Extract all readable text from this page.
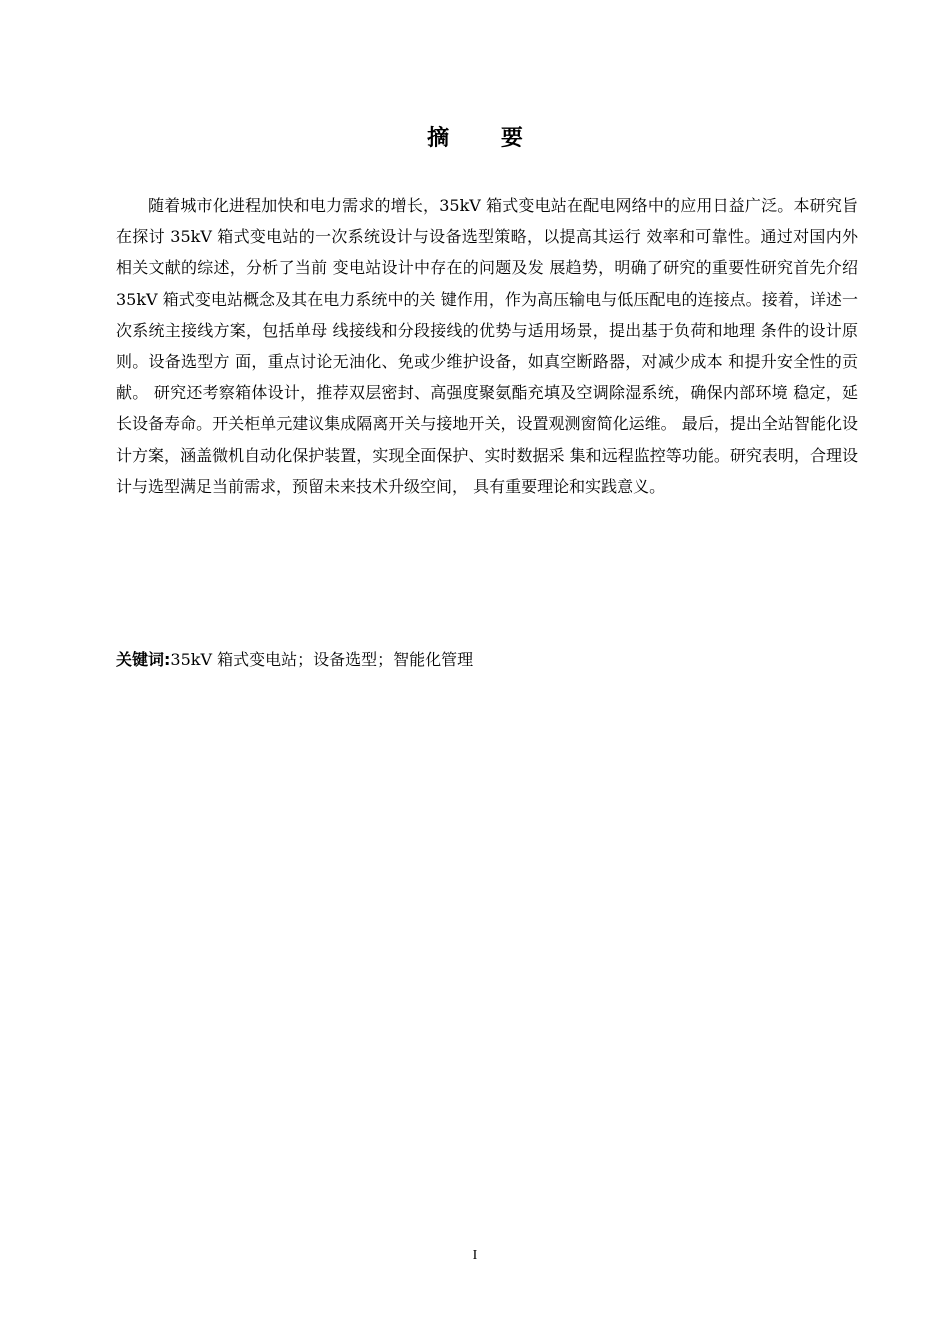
摘 要

随着城市化进程加快和电力需求的增长，35kV 箱式变电站在配电网络中的应用日益广泛。本研究旨在探讨 35kV 箱式变电站的一次系统设计与设备选型策略，以提高其运行 效率和可靠性。通过对国内外相关文献的综述，分析了当前 变电站设计中存在的问题及发 展趋势，明确了研究的重要性研究首先介绍 35kV 箱式变电站概念及其在电力系统中的关 键作用，作为高压输电与低压配电的连接点。接着，详述一次系统主接线方案，包括单母 线接线和分段接线的优势与适用场景，提出基于负荷和地理 条件的设计原则。设备选型方 面，重点讨论无油化、免或少维护设备，如真空断路器，对减少成本 和提升安全性的贡献。 研究还考察箱体设计，推荐双层密封、高强度聚氨酯充填及空调除湿系统，确保内部环境 稳定，延长设备寿命。开关柜单元建议集成隔离开关与接地开关，设置观测窗简化运维。 最后，提出全站智能化设计方案，涵盖微机自动化保护装置，实现全面保护、实时数据采 集和远程监控等功能。研究表明，合理设计与选型满足当前需求，预留未来技术升级空间， 具有重要理论和实践意义。

关键词:35kV 箱式变电站；设备选型；智能化管理

I
